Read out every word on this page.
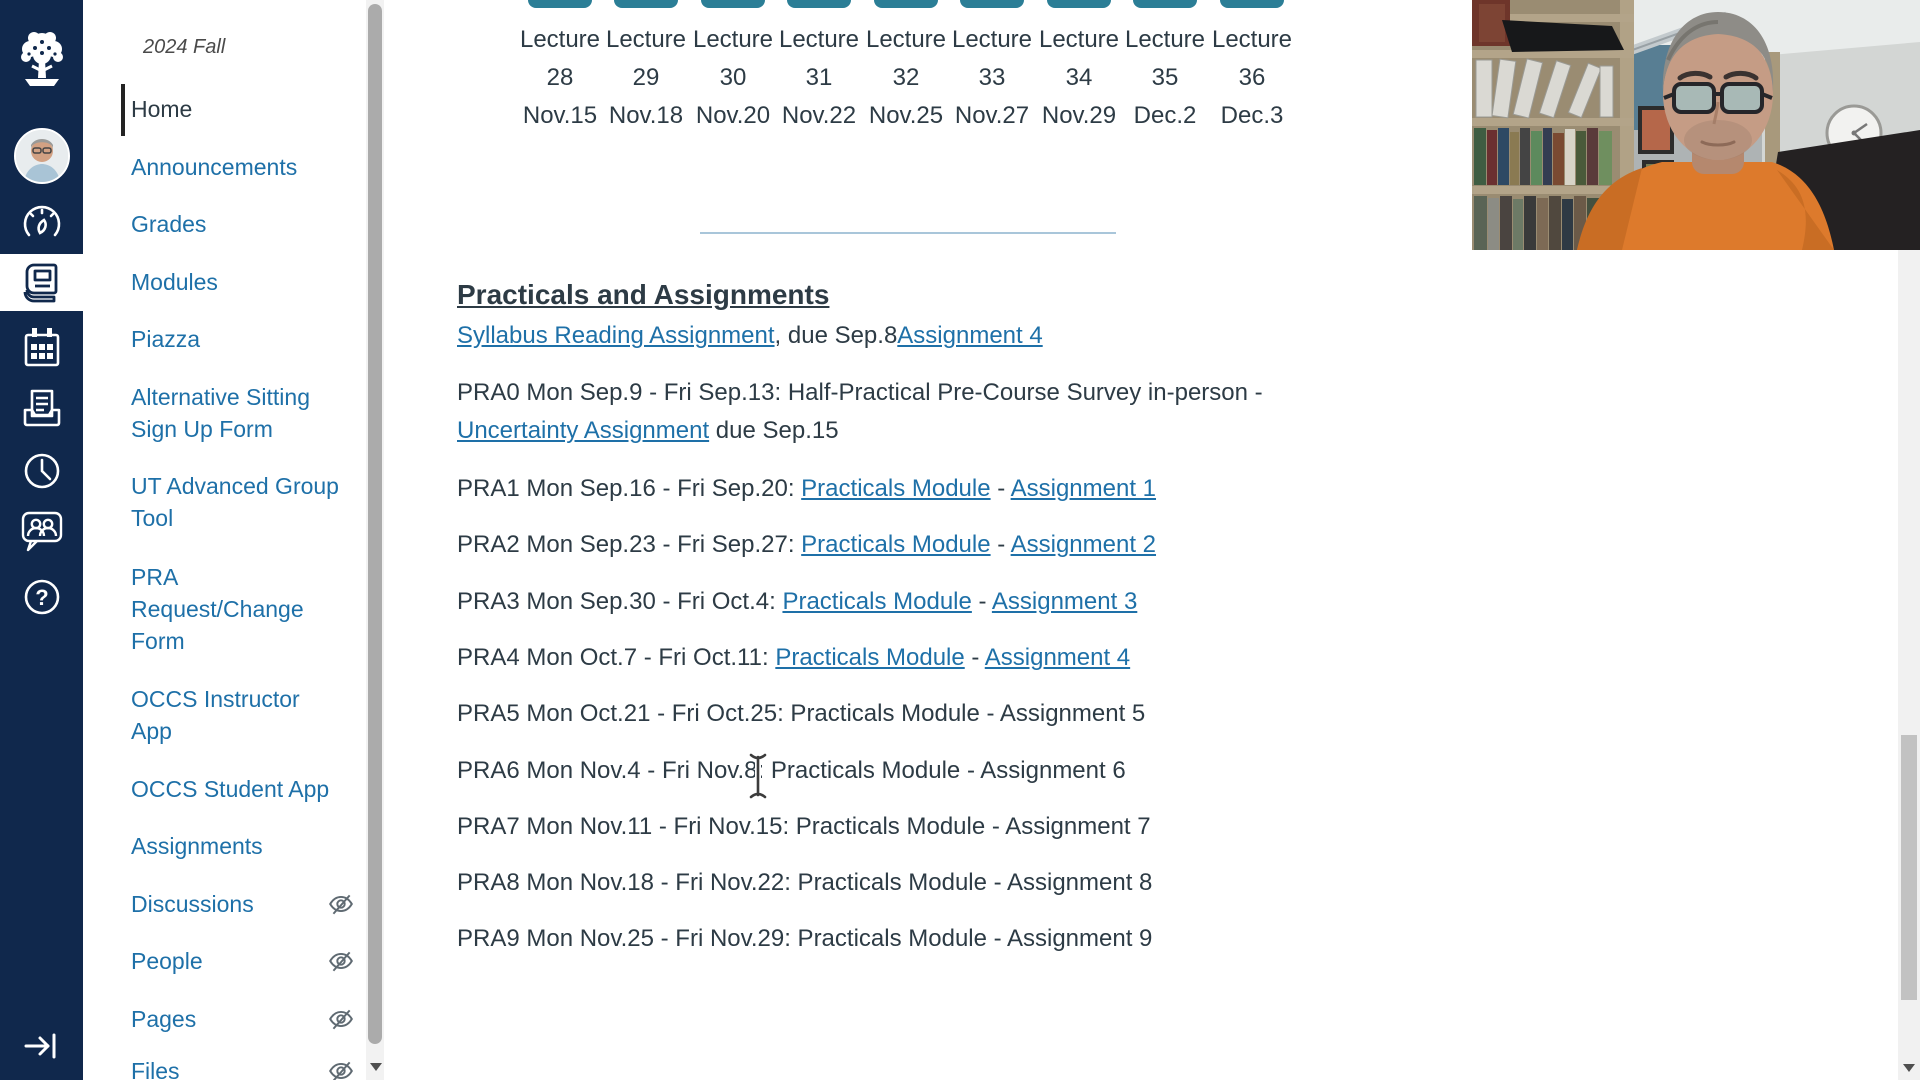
?
2024 Fall
Home
Announcements
Grades
Modules
Piazza
Alternative Sitting Sign Up Form
UT Advanced Group Tool
PRA Request/Change Form
OCCS Instructor App
OCCS Student App
Assignments
Discussions
People
Pages
Files
Lecture
28
Nov.15
Lecture
29
Nov.18
Lecture
30
Nov.20
Lecture
31
Nov.22
Lecture
32
Nov.25
Lecture
33
Nov.27
Lecture
34
Nov.29
Lecture
35
Dec.2
Lecture
36
Dec.3
Practicals and Assignments
Syllabus Reading Assignment, due Sep.8Assignment 4
PRA0 Mon Sep.9 - Fri Sep.13: Half-Practical Pre-Course Survey in-person -
Uncertainty Assignment due Sep.15
PRA1 Mon Sep.16 - Fri Sep.20: Practicals Module - Assignment 1
PRA2 Mon Sep.23 - Fri Sep.27: Practicals Module - Assignment 2
PRA3 Mon Sep.30 - Fri Oct.4: Practicals Module - Assignment 3
PRA4 Mon Oct.7 - Fri Oct.11: Practicals Module - Assignment 4
PRA5 Mon Oct.21 - Fri Oct.25: Practicals Module - Assignment 5
PRA6 Mon Nov.4 - Fri Nov.8: Practicals Module - Assignment 6
PRA7 Mon Nov.11 - Fri Nov.15: Practicals Module - Assignment 7
PRA8 Mon Nov.18 - Fri Nov.22: Practicals Module - Assignment 8
PRA9 Mon Nov.25 - Fri Nov.29: Practicals Module - Assignment 9
